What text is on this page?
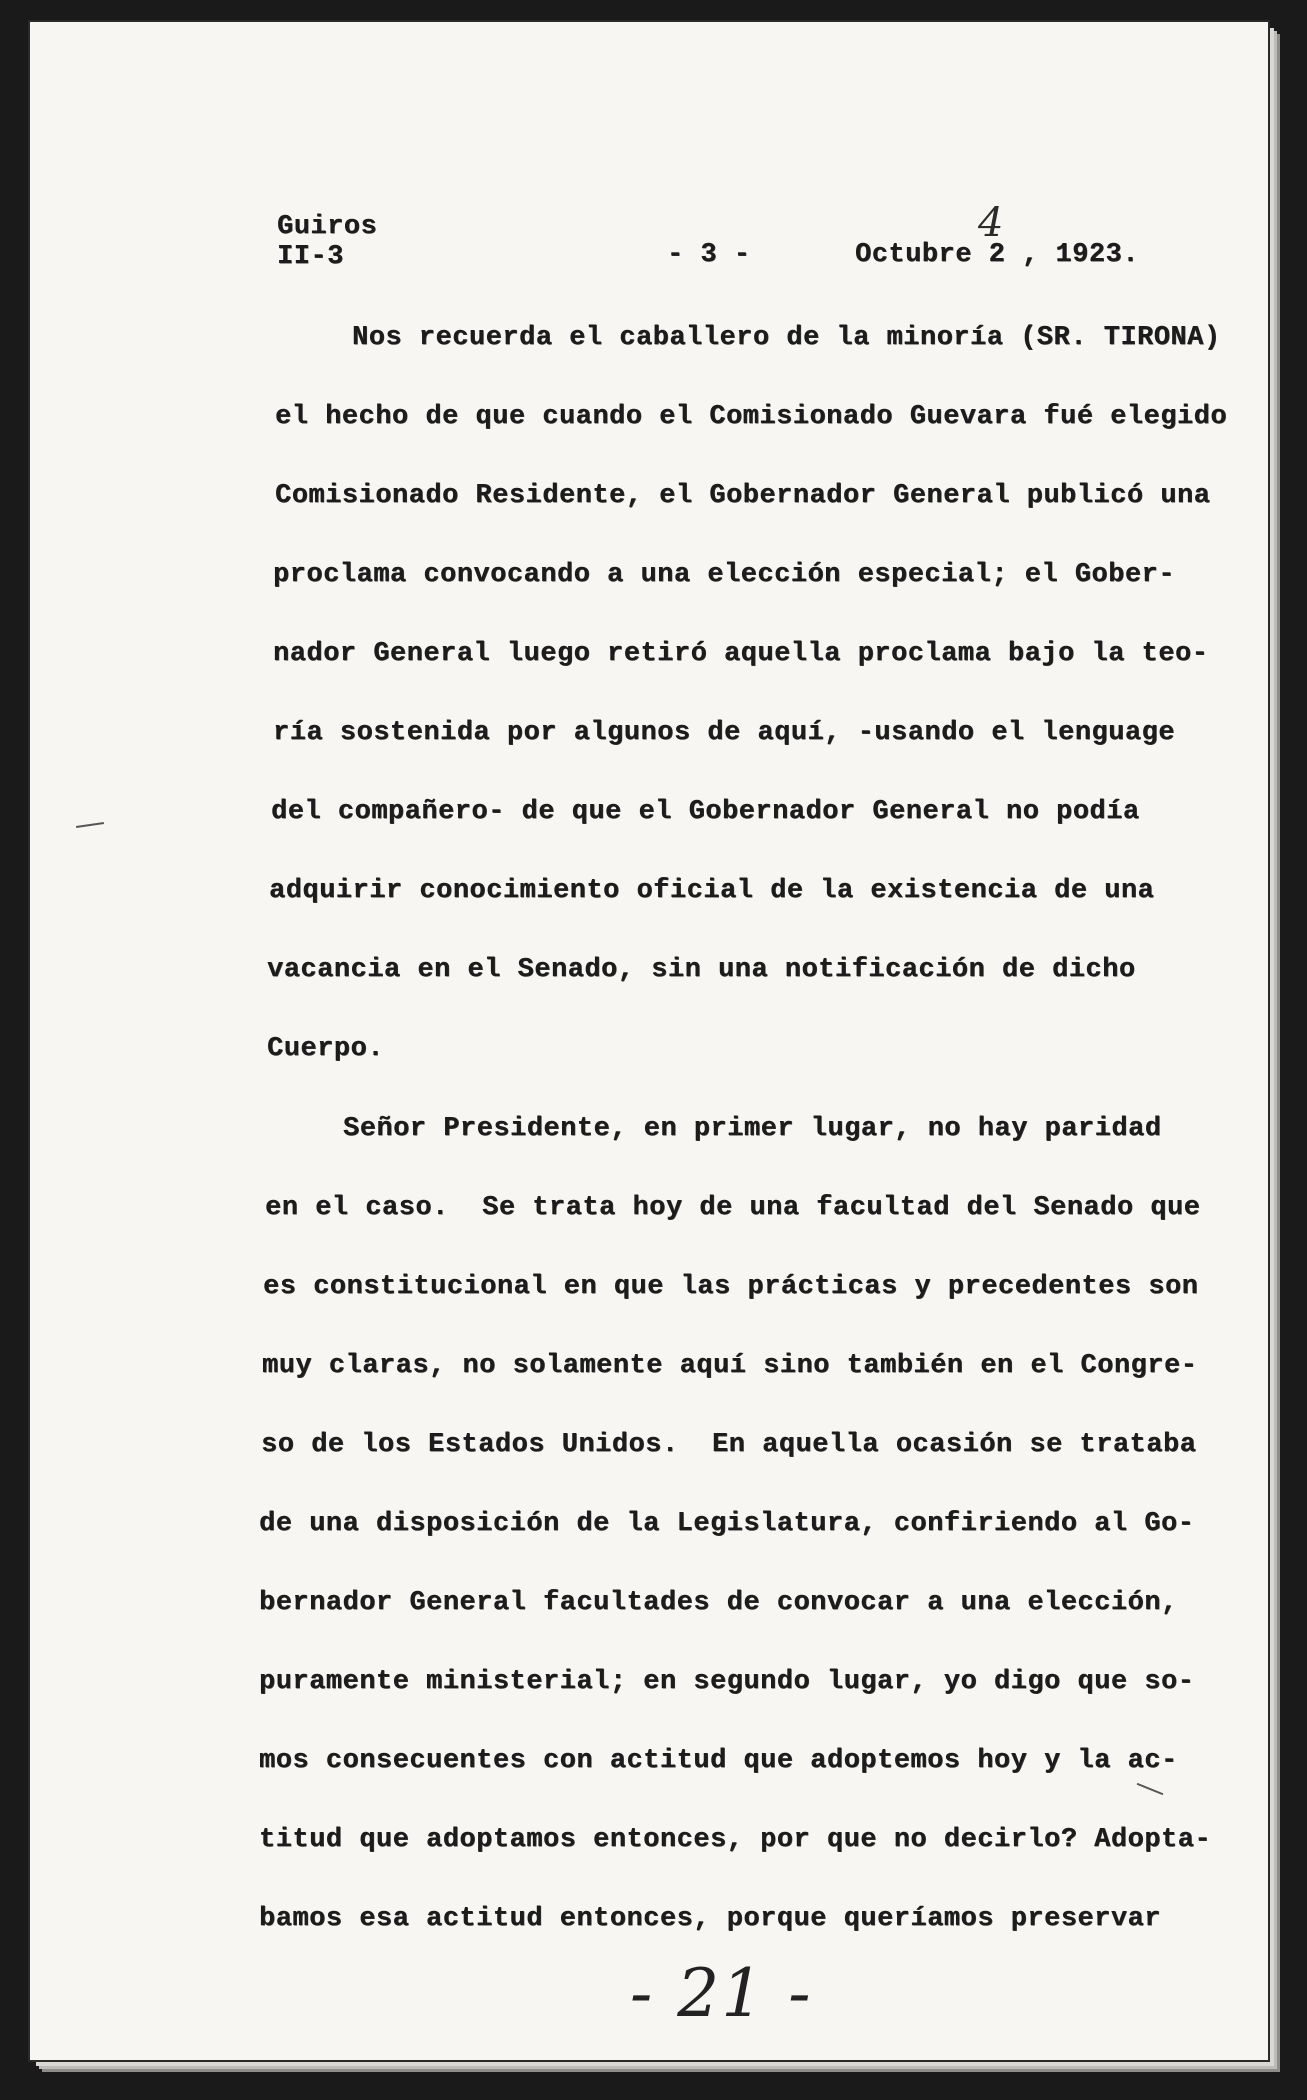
Guiros
II-3	- 3 -	Octubre 2 , 1923.
4
Nos recuerda el caballero de la minoría (SR. TIRONA)
el hecho de que cuando el Comisionado Guevara fué elegido
Comisionado Residente, el Gobernador General publicó una
proclama convocando a una elección especial; el Gober-
nador General luego retiró aquella proclama bajo la teo-
ría sostenida por algunos de aquí, -usando el lenguage
del compañero- de que el Gobernador General no podía
adquirir conocimiento oficial de la existencia de una
vacancia en el Senado, sin una notificación de dicho
Cuerpo.
Señor Presidente, en primer lugar, no hay paridad
en el caso.  Se trata hoy de una facultad del Senado que
es constitucional en que las prácticas y precedentes son
muy claras, no solamente aquí sino también en el Congre-
so de los Estados Unidos.  En aquella ocasión se trataba
de una disposición de la Legislatura, confiriendo al Go-
bernador General facultades de convocar a una elección,
puramente ministerial; en segundo lugar, yo digo que so-
mos consecuentes con actitud que adoptemos hoy y la ac-
titud que adoptamos entonces, por que no decirlo? Adopta-
bamos esa actitud entonces, porque queríamos preservar
- 21 -
